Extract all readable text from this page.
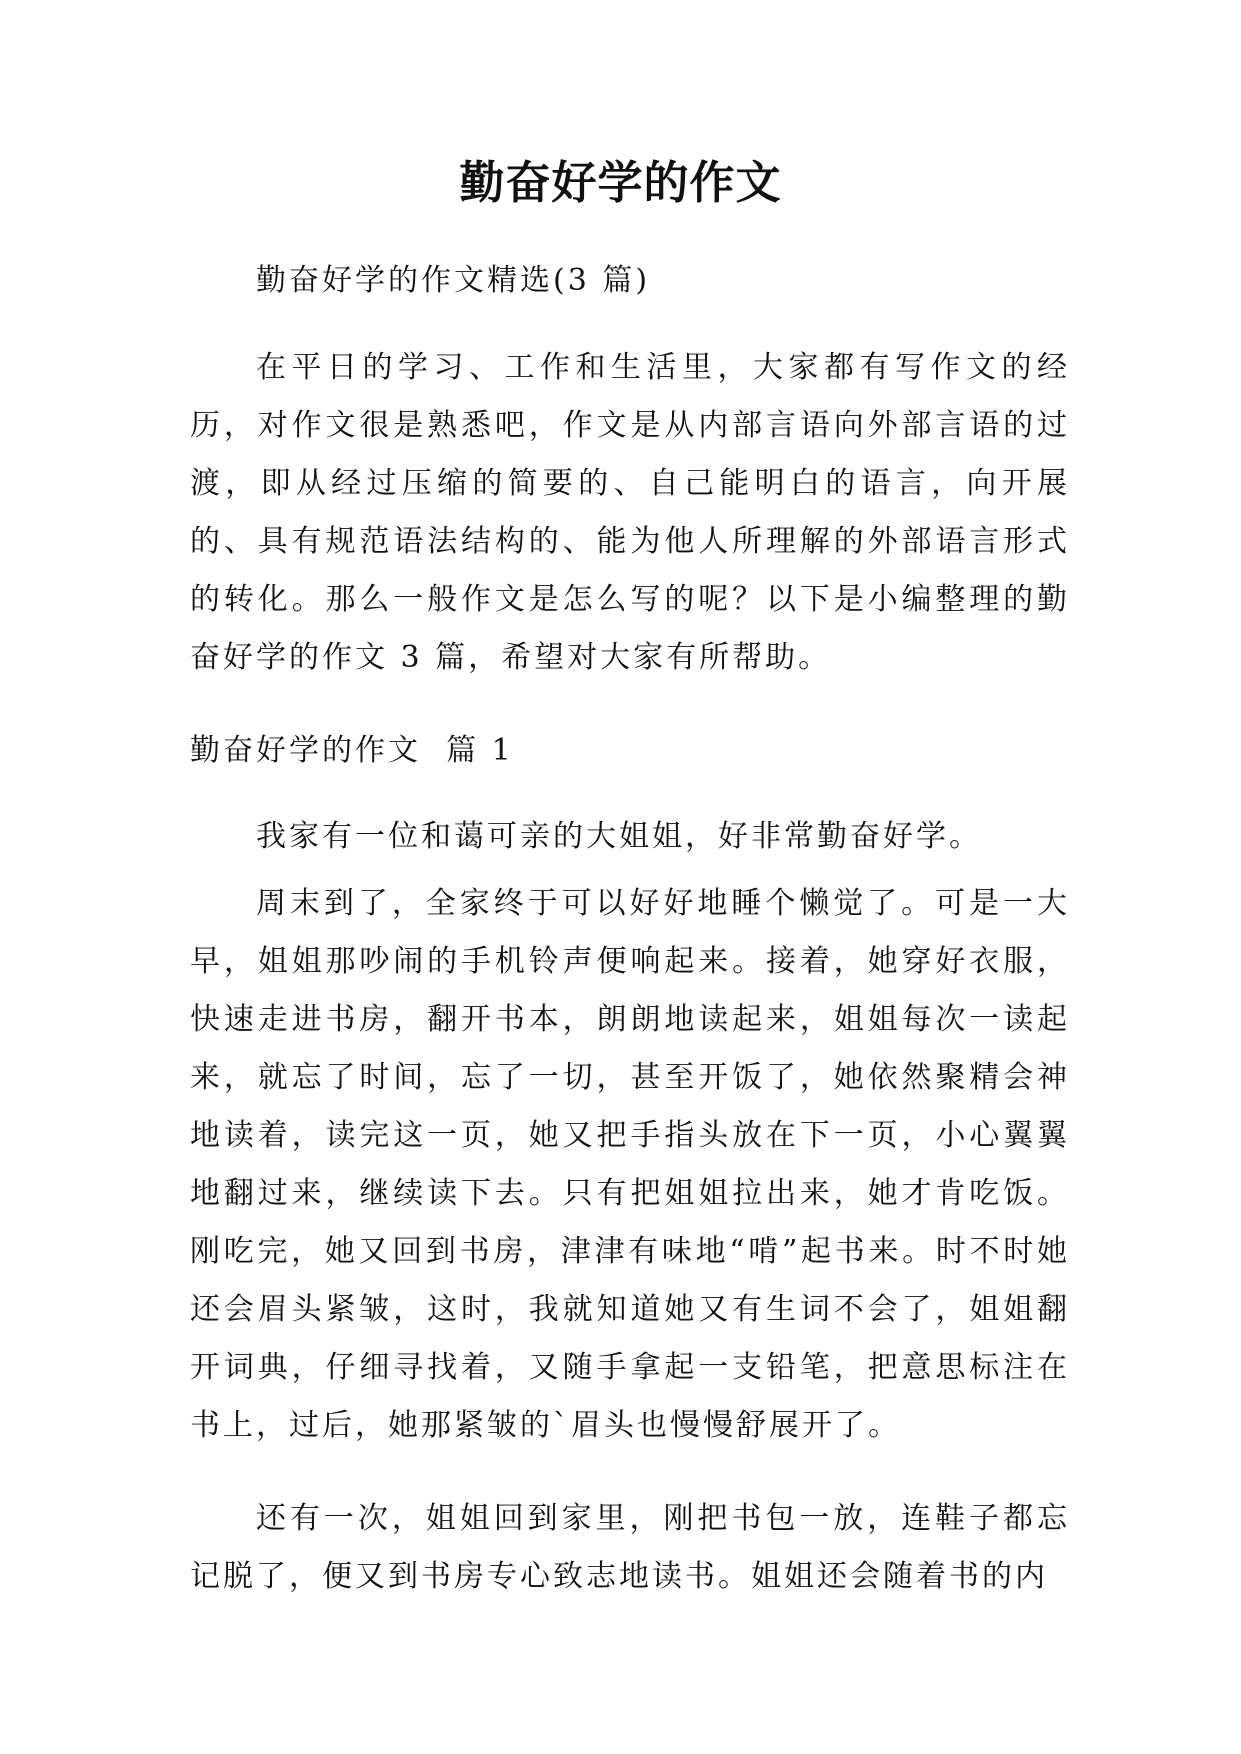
勤奋好学的作文

勤奋好学的作文精选(3 篇)

在平日的学习、工作和生活里，大家都有写作文的经历，对作文很是熟悉吧，作文是从内部言语向外部言语的过渡，即从经过压缩的简要的、自己能明白的语言，向开展的、具有规范语法结构的、能为他人所理解的外部语言形式的转化。那么一般作文是怎么写的呢？以下是小编整理的勤奋好学的作文 3 篇，希望对大家有所帮助。

勤奋好学的作文  篇 1

我家有一位和蔼可亲的大姐姐，好非常勤奋好学。

周末到了，全家终于可以好好地睡个懒觉了。可是一大早，姐姐那吵闹的手机铃声便响起来。接着，她穿好衣服，快速走进书房，翻开书本，朗朗地读起来，姐姐每次一读起来，就忘了时间，忘了一切，甚至开饭了，她依然聚精会神地读着，读完这一页，她又把手指头放在下一页，小心翼翼地翻过来，继续读下去。只有把姐姐拉出来，她才肯吃饭。刚吃完，她又回到书房，津津有味地“啃”起书来。时不时她还会眉头紧皱，这时，我就知道她又有生词不会了，姐姐翻开词典，仔细寻找着，又随手拿起一支铅笔，把意思标注在书上，过后，她那紧皱的`眉头也慢慢舒展开了。

还有一次，姐姐回到家里，刚把书包一放，连鞋子都忘记脱了，便又到书房专心致志地读书。姐姐还会随着书的内
